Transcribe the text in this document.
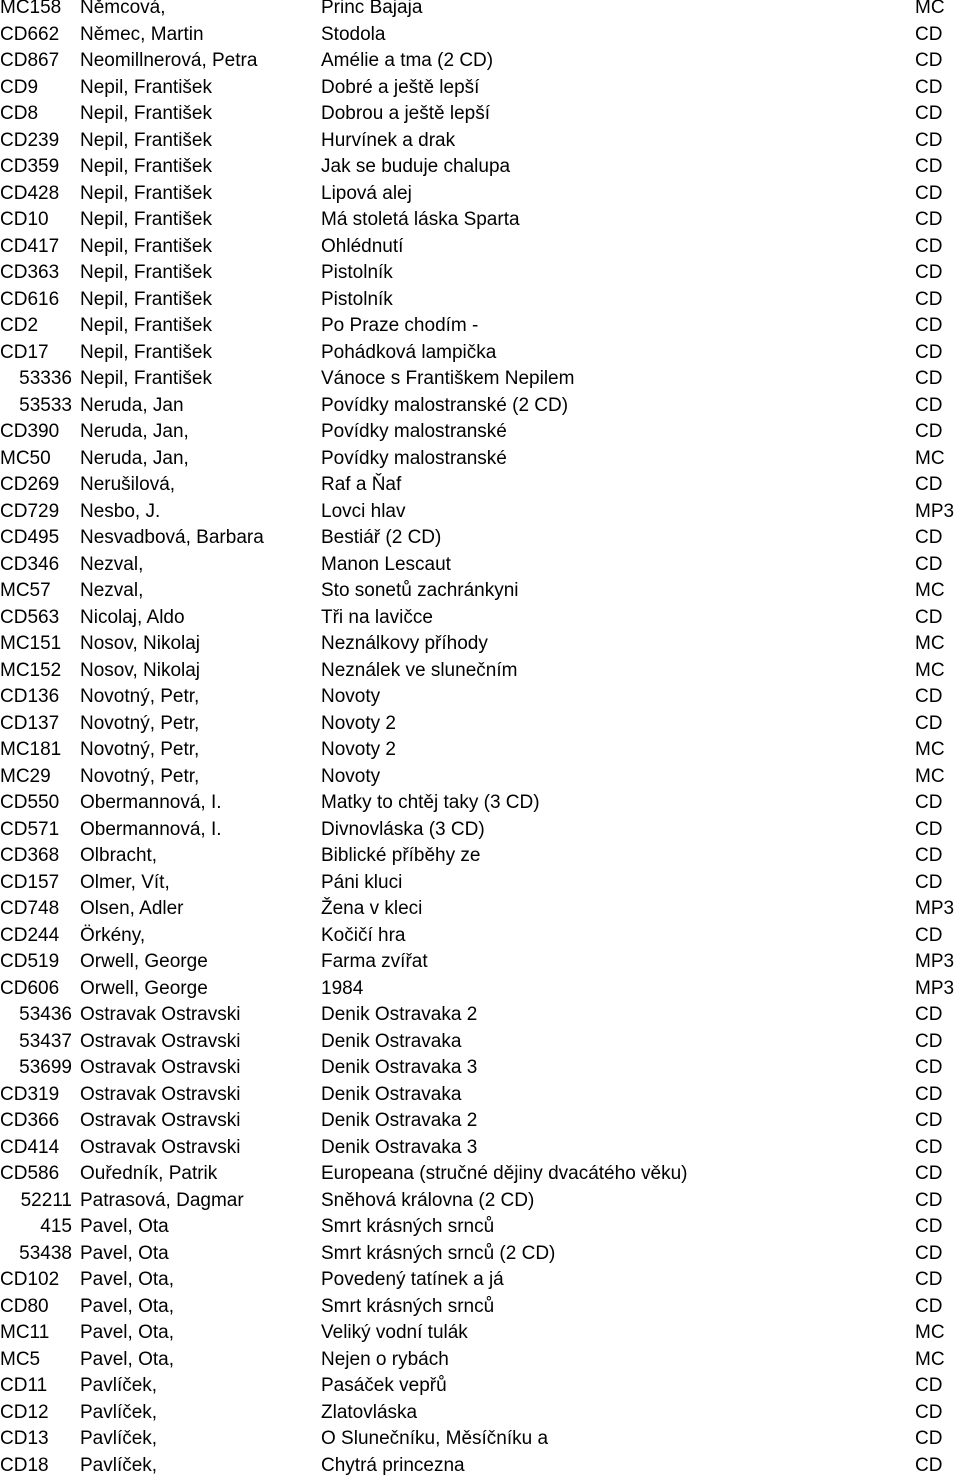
MC158 Němcová,	Princ Bajaja	MC
CD662	Němec, Martin	Stodola	CD
CD867	Neomillnerová, Petra	Amélie a tma (2 CD)	CD
CD9	Nepil, František	Dobré a ještě lepší	CD
CD8	Nepil, František	Dobrou a ještě lepší	CD
CD239	Nepil, František	Hurvínek a drak	CD
CD359	Nepil, František	Jak se buduje chalupa	CD
CD428	Nepil, František	Lipová alej	CD
CD10	Nepil, František	Má stoletá láska Sparta	CD
CD417	Nepil, František	Ohlédnutí	CD
CD363	Nepil, František	Pistolník	CD
CD616	Nepil, František	Pistolník	CD
CD2	Nepil, František	Po Praze chodím -	CD
CD17	Nepil, František	Pohádková lampička	CD
53336 Nepil, František	Vánoce s Františkem Nepilem	CD
53533 Neruda, Jan	Povídky malostranské (2 CD)	CD
CD390	Neruda, Jan,	Povídky malostranské	CD
MC50	Neruda, Jan,	Povídky malostranské	MC
CD269	Nerušilová,	Raf a Ňaf	CD
CD729	Nesbo, J.	Lovci hlav	MP3
CD495	Nesvadbová, Barbara	Bestiář (2 CD)	CD
CD346	Nezval,	Manon Lescaut	CD
MC57	Nezval,	Sto sonetů zachránkyni	MC
CD563	Nicolaj, Aldo	Tři na lavičce	CD
MC151 Nosov, Nikolaj	Neználkovy příhody	MC
MC152 Nosov, Nikolaj	Neználek ve slunečním	MC
CD136	Novotný, Petr,	Novoty	CD
CD137	Novotný, Petr,	Novoty 2	CD
MC181 Novotný, Petr,	Novoty 2	MC
MC29	Novotný, Petr,	Novoty	MC
CD550	Obermannová, I.	Matky to chtěj taky (3 CD)	CD
CD571	Obermannová, I.	Divnovláska (3 CD)	CD
CD368	Olbracht,	Biblické příběhy ze	CD
CD157	Olmer, Vít,	Páni kluci	CD
CD748	Olsen, Adler	Žena v kleci	MP3
CD244	Örkény,	Kočičí hra	CD
CD519	Orwell, George	Farma zvířat	MP3
CD606	Orwell, George	1984	MP3
53436 Ostravak Ostravski	Denik Ostravaka 2	CD
53437 Ostravak Ostravski	Denik Ostravaka	CD
53699 Ostravak Ostravski	Denik Ostravaka 3	CD
CD319	Ostravak Ostravski	Denik Ostravaka	CD
CD366	Ostravak Ostravski	Denik Ostravaka 2	CD
CD414	Ostravak Ostravski	Denik Ostravaka 3	CD
CD586	Ouředník, Patrik	Europeana (stručné dějiny dvacátého věku)	CD
52211 Patrasová, Dagmar	Sněhová královna (2 CD)	CD
415 Pavel, Ota	Smrt krásných srnců	CD
53438 Pavel, Ota	Smrt krásných srnců (2 CD)	CD
CD102	Pavel, Ota,	Povedený tatínek a já	CD
CD80	Pavel, Ota,	Smrt krásných srnců	CD
MC11	Pavel, Ota,	Veliký vodní tulák	MC
MC5	Pavel, Ota,	Nejen o rybách	MC
CD11	Pavlíček,	Pasáček vepřů	CD
CD12	Pavlíček,	Zlatovláska	CD
CD13	Pavlíček,	O Slunečníku, Měsíčníku a	CD
CD18	Pavlíček,	Chytrá princezna	CD
